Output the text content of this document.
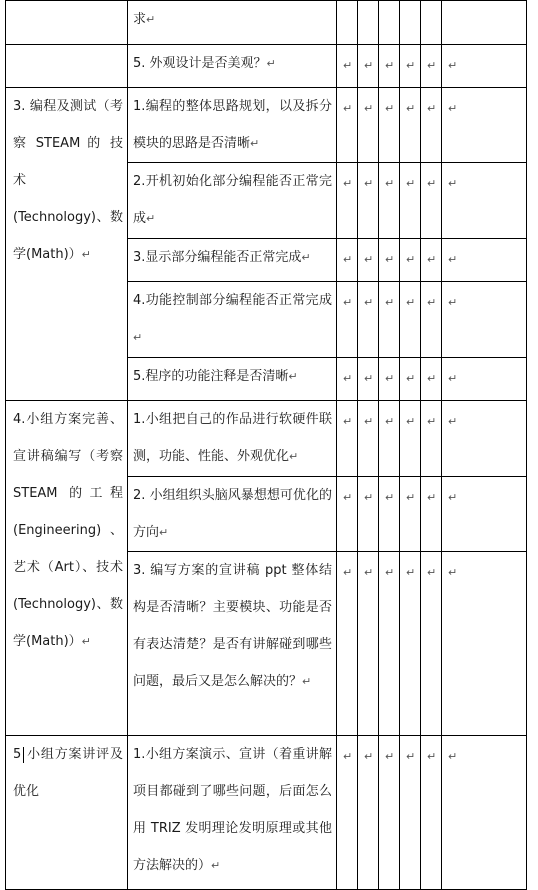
	求↵						
	5. 外观设计是否美观？↵	↵	↵	↵	↵	↵	↵
3. 编程及测试（考察 STEAM 的 技 术 (Technology)、数学(Math)）↵	1.编程的整体思路规划，以及拆分模块的思路是否清晰↵	↵	↵	↵	↵	↵	↵
	2.开机初始化部分编程能否正常完成↵	↵	↵	↵	↵	↵	↵
	3.显示部分编程能否正常完成↵	↵	↵	↵	↵	↵	↵
	4.功能控制部分编程能否正常完成↵	↵	↵	↵	↵	↵	↵
	5.程序的功能注释是否清晰↵	↵	↵	↵	↵	↵	↵
4.小组方案完善、宣讲稿编写（考察 STEAM 的工程 (Engineering)、艺术（Art）、技术 (Technology)、数学(Math)）↵	1.小组把自己的作品进行软硬件联测，功能、性能、外观优化↵	↵	↵	↵	↵	↵	↵
	2. 小组组织头脑风暴想想可优化的方向↵	↵	↵	↵	↵	↵	↵
	3. 编写方案的宣讲稿 ppt 整体结构是否清晰？主要模块、功能是否有表达清楚？是否有讲解碰到哪些问题，最后又是怎么解决的？↵	↵	↵	↵	↵	↵	↵
5 小组方案讲评及优化	1.小组方案演示、宣讲（着重讲解项目都碰到了哪些问题，后面怎么用 TRIZ 发明理论发明原理或其他方法解决的）↵	↵	↵	↵	↵	↵	↵
